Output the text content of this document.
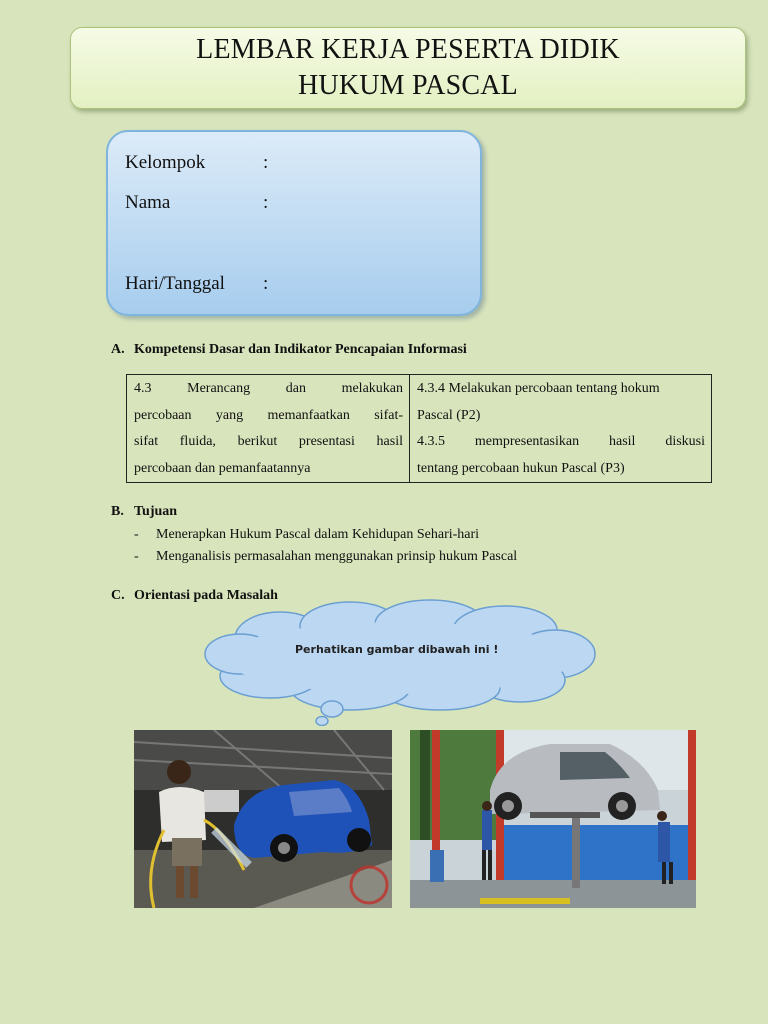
LEMBAR KERJA PESERTA DIDIK
HUKUM PASCAL
Kelompok	:
Nama	:
Hari/Tanggal :
A. Kompetensi Dasar dan Indikator Pencapaian Informasi
4.3 Merancang dan melakukan
percobaan yang memanfaatkan sifat-
sifat fluida, berikut presentasi hasil
percobaan dan pemanfaatannya

4.3.4 Melakukan percobaan tentang hokum
Pascal (P2)
4.3.5 mempresentasikan hasil diskusi
tentang percobaan hukun Pascal (P3)
B. Tujuan
- Menerapkan Hukum Pascal dalam Kehidupan Sehari-hari
- Menganalisis permasalahan menggunakan prinsip hukum Pascal
C. Orientasi pada Masalah
Perhatikan gambar dibawah ini !
